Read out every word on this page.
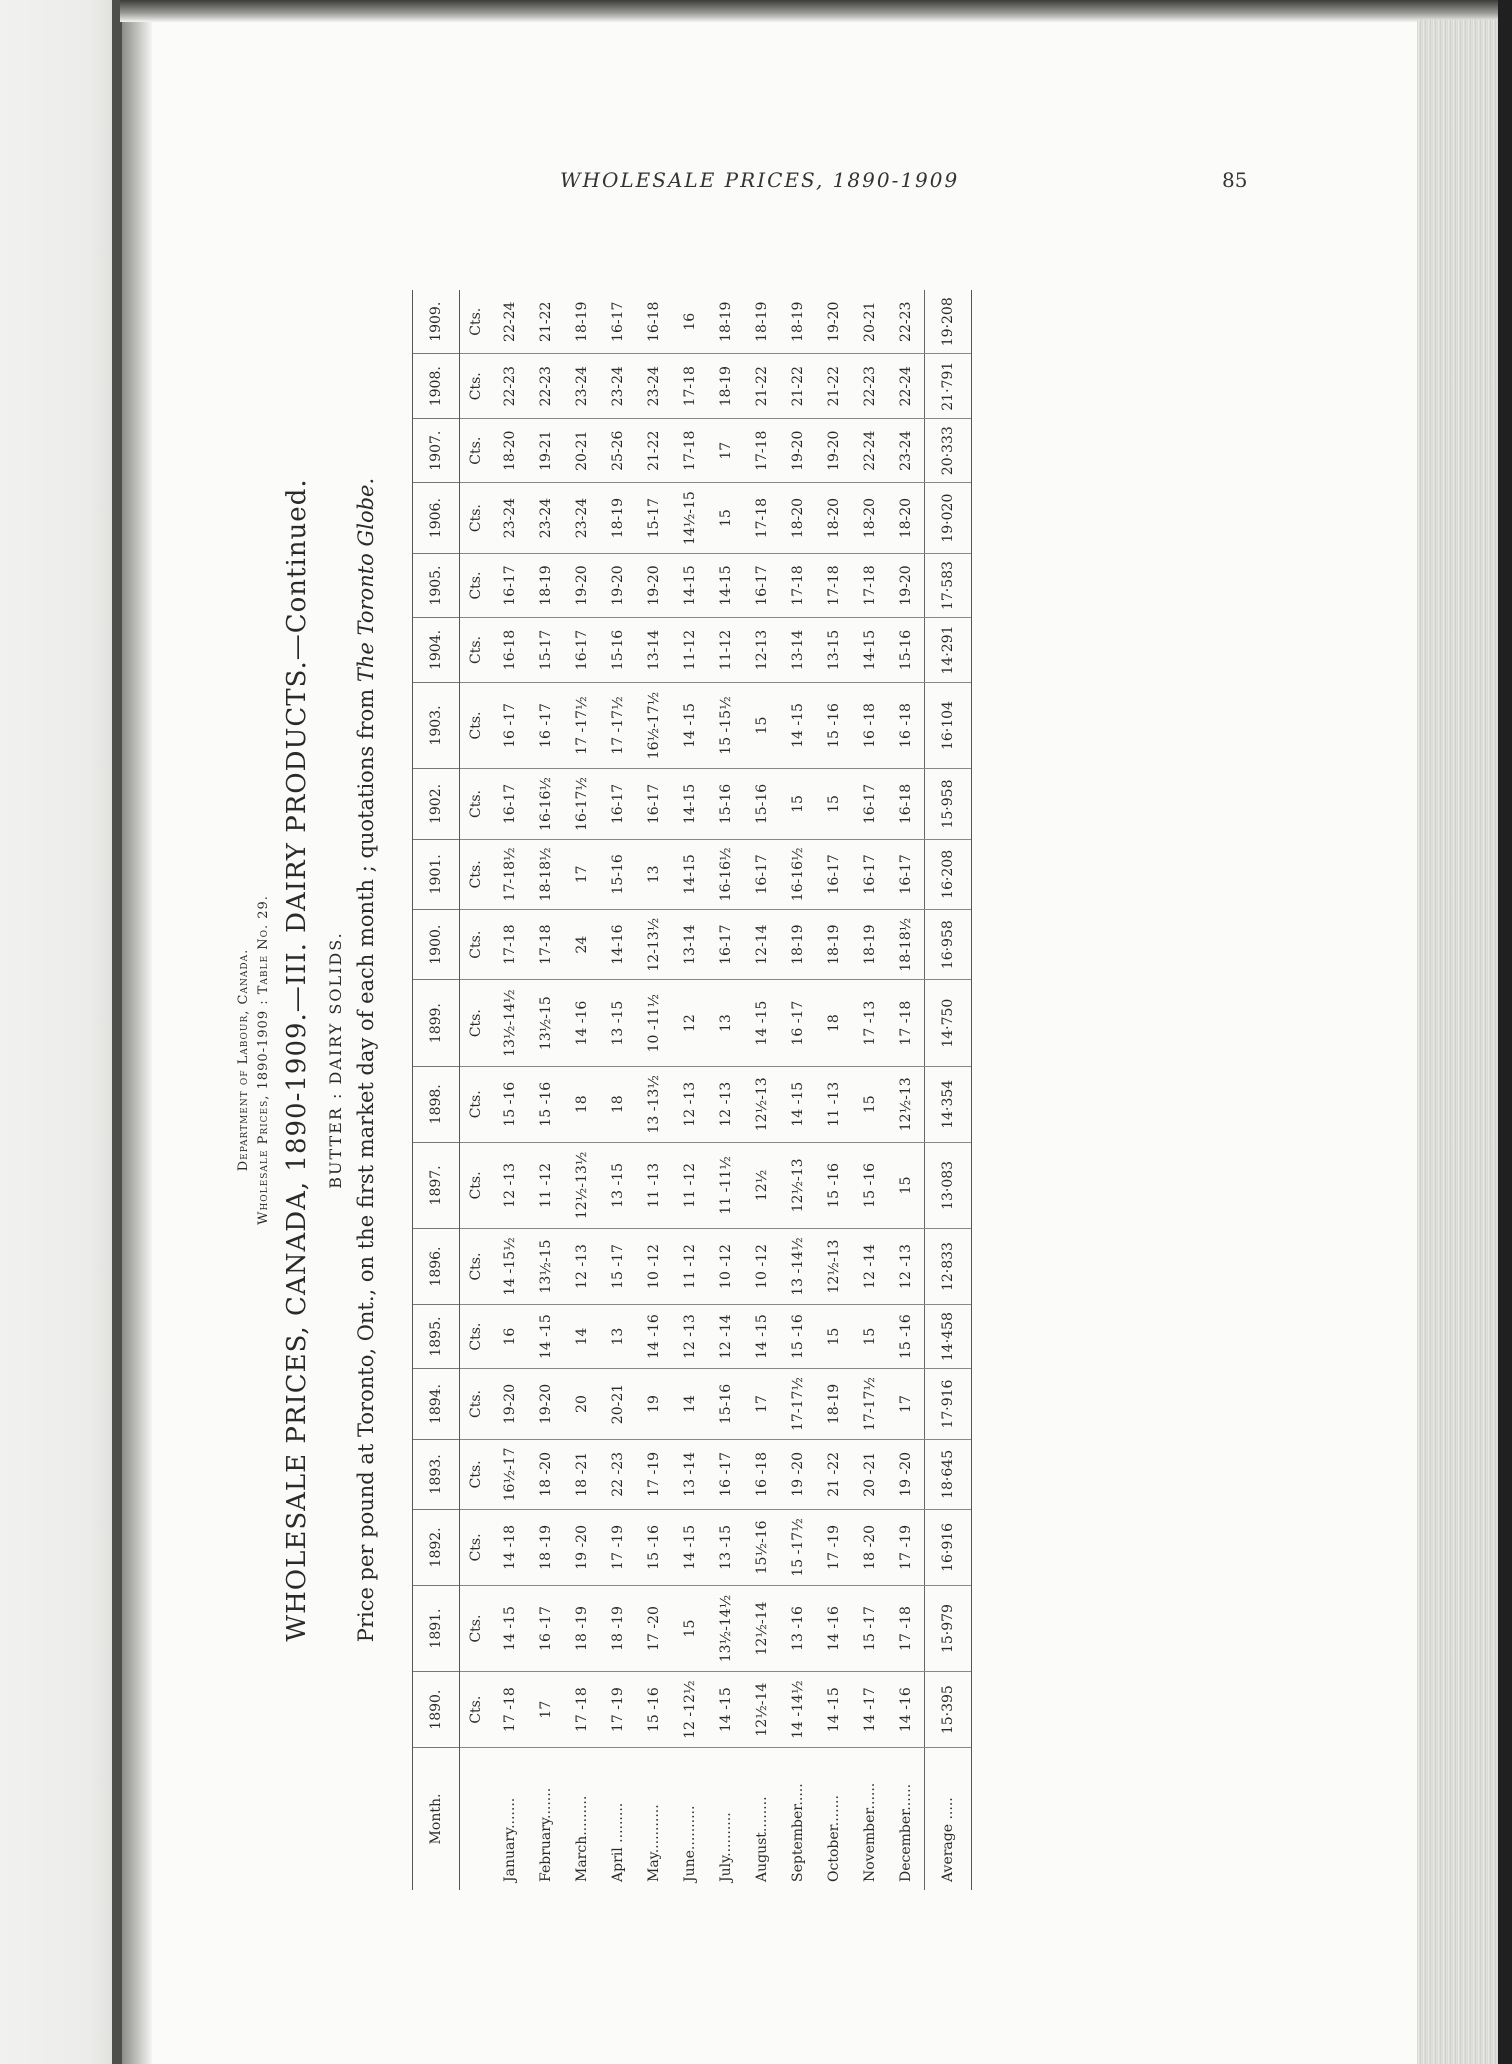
WHOLESALE PRICES, 1890-1909	85
Department of Labour, Canada. Wholesale Prices, 1890-1909 : Table No. 29. WHOLESALE PRICES, CANADA, 1890-1909.—III. DAIRY PRODUCTS.—Continued. BUTTER : DAIRY SOLIDS. Price per pound at Toronto, Ont., on the first market day of each month ; quotations from The Toronto Globe.
Month.	1890.	1891.	1892.	1893.	1894.	1895.	1896.	1897.	1898.	1899.	1900.	1901.	1902.	1903.	1904.	1905.	1906.	1907.	1908.	1909.
	Cts.	Cts.	Cts.	Cts.	Cts.	Cts.	Cts.	Cts.	Cts.	Cts.	Cts.	Cts.	Cts.	Cts.	Cts.	Cts.	Cts.	Cts.	Cts.	Cts.
January.......	17 -18	14 -15	14 -18	16½-17	19-20	16	14 -15½	12 -13	15 -16	13½-14½	17-18	17-18½	16-17	16 -17	16-18	16-17	23-24	18-20	22-23	22-24
February.......	17	16 -17	18 -19	18 -20	19-20	14 -15	13½-15	11 -12	15 -16	13½-15	17-18	18-18½	16-16½	16 -17	15-17	18-19	23-24	19-21	22-23	21-22
March.........	17 -18	18 -19	19 -20	18 -21	20	14	12 -13	12½-13½	18	14 -16	24	17	16-17½	17 -17½	16-17	19-20	23-24	20-21	23-24	18-19
April .........	17 -19	18 -19	17 -19	22 -23	20-21	13	15 -17	13 -15	18	13 -15	14-16	15-16	16-17	17 -17½	15-16	19-20	18-19	25-26	23-24	16-17
May...........	15 -16	17 -20	15 -16	17 -19	19	14 -16	10 -12	11 -13	13 -13½	10 -11½	12-13½	13	16-17	16½-17½	13-14	19-20	15-17	21-22	23-24	16-18
June..........	12 -12½	15	14 -15	13 -14	14	12 -13	11 -12	11 -12	12 -13	12	13-14	14-15	14-15	14 -15	11-12	14-15	14½-15	17-18	17-18	16
July..........	14 -15	13½-14½	13 -15	16 -17	15-16	12 -14	10 -12	11 -11½	12 -13	13	16-17	16-16½	15-16	15 -15½	11-12	14-15	15	17	18-19	18-19
August........	12½-14	12½-14	15½-16	16 -18	17	14 -15	10 -12	12½	12½-13	14 -15	12-14	16-17	15-16	15	12-13	16-17	17-18	17-18	21-22	18-19
September.....	14 -14½	13 -16	15 -17½	19 -20	17-17½	15 -16	13 -14½	12½-13	14 -15	16 -17	18-19	16-16½	15	14 -15	13-14	17-18	18-20	19-20	21-22	18-19
October.......	14 -15	14 -16	17 -19	21 -22	18-19	15	12½-13	15 -16	11 -13	18	18-19	16-17	15	15 -16	13-15	17-18	18-20	19-20	21-22	19-20
November......	14 -17	15 -17	18 -20	20 -21	17-17½	15	12 -14	15 -16	15	17 -13	18-19	16-17	16-17	16 -18	14-15	17-18	18-20	22-24	22-23	20-21
December......	14 -16	17 -18	17 -19	19 -20	17	15 -16	12 -13	15	12½-13	17 -18	18-18½	16-17	16-18	16 -18	15-16	19-20	18-20	23-24	22-24	22-23
Average .....	15·395	15·979	16·916	18·645	17·916	14·458	12·833	13·083	14·354	14·750	16·958	16·208	15·958	16·104	14·291	17·583	19·020	20·333	21·791	19·208
